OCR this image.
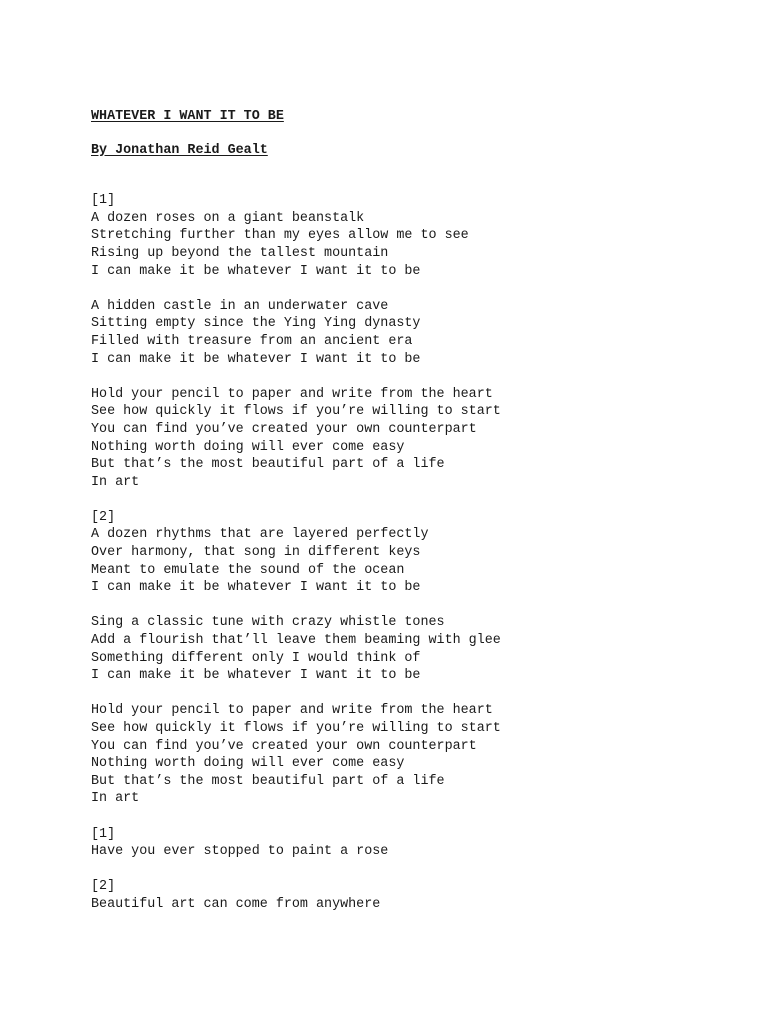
WHATEVER I WANT IT TO BE
By Jonathan Reid Gealt
[1]
A dozen roses on a giant beanstalk
Stretching further than my eyes allow me to see
Rising up beyond the tallest mountain
I can make it be whatever I want it to be
A hidden castle in an underwater cave
Sitting empty since the Ying Ying dynasty
Filled with treasure from an ancient era
I can make it be whatever I want it to be
Hold your pencil to paper and write from the heart
See how quickly it flows if you’re willing to start
You can find you’ve created your own counterpart
Nothing worth doing will ever come easy
But that’s the most beautiful part of a life
In art
[2]
A dozen rhythms that are layered perfectly
Over harmony, that song in different keys
Meant to emulate the sound of the ocean
I can make it be whatever I want it to be
Sing a classic tune with crazy whistle tones
Add a flourish that’ll leave them beaming with glee
Something different only I would think of
I can make it be whatever I want it to be
Hold your pencil to paper and write from the heart
See how quickly it flows if you’re willing to start
You can find you’ve created your own counterpart
Nothing worth doing will ever come easy
But that’s the most beautiful part of a life
In art
[1]
Have you ever stopped to paint a rose
[2]
Beautiful art can come from anywhere
